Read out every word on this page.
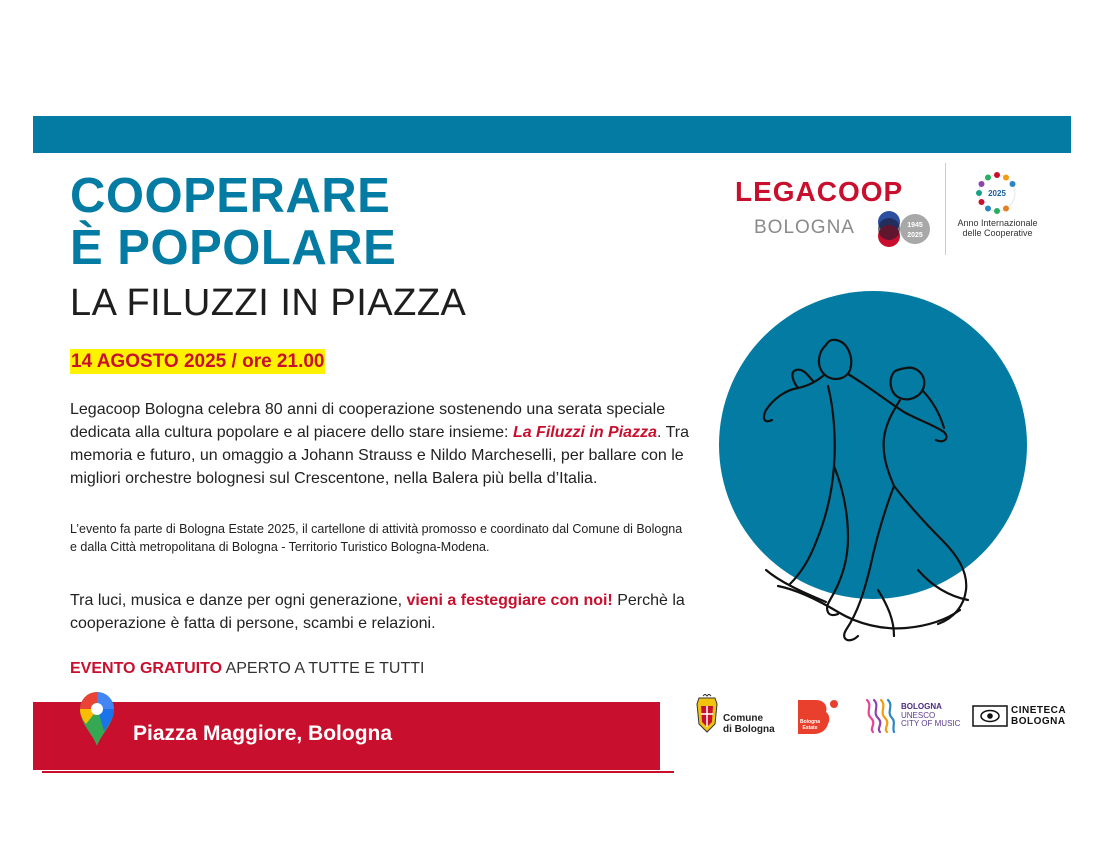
COOPERARE
È POPOLARE
LA FILUZZI IN PIAZZA
14 AGOSTO 2025 / ore 21.00

Legacoop Bologna celebra 80 anni di cooperazione sostenendo una serata speciale dedicata alla cultura popolare e al piacere dello stare insieme: La Filuzzi in Piazza. Tra memoria e futuro, un omaggio a Johann Strauss e Nildo Marcheselli, per ballare con le migliori orchestre bolognesi sul Crescentone, nella Balera più bella d’Italia.

L’evento fa parte di Bologna Estate 2025, il cartellone di attività promosso e coordinato dal Comune di Bologna e dalla Città metropolitana di Bologna - Territorio Turistico Bologna-Modena.

Tra luci, musica e danze per ogni generazione, vieni a festeggiare con noi! Perchè la cooperazione è fatta di persone, scambi e relazioni.

EVENTO GRATUITO APERTO A TUTTE E TUTTI
Piazza Maggiore, Bologna
LEGACOOP
BOLOGNA	1945
2025
2025
Anno Internazionale
delle Cooperative
Comune
di Bologna
Bologna
Estate
BOLOGNA
UNESCO
CITY OF MUSIC
CINETECA
BOLOGNA
